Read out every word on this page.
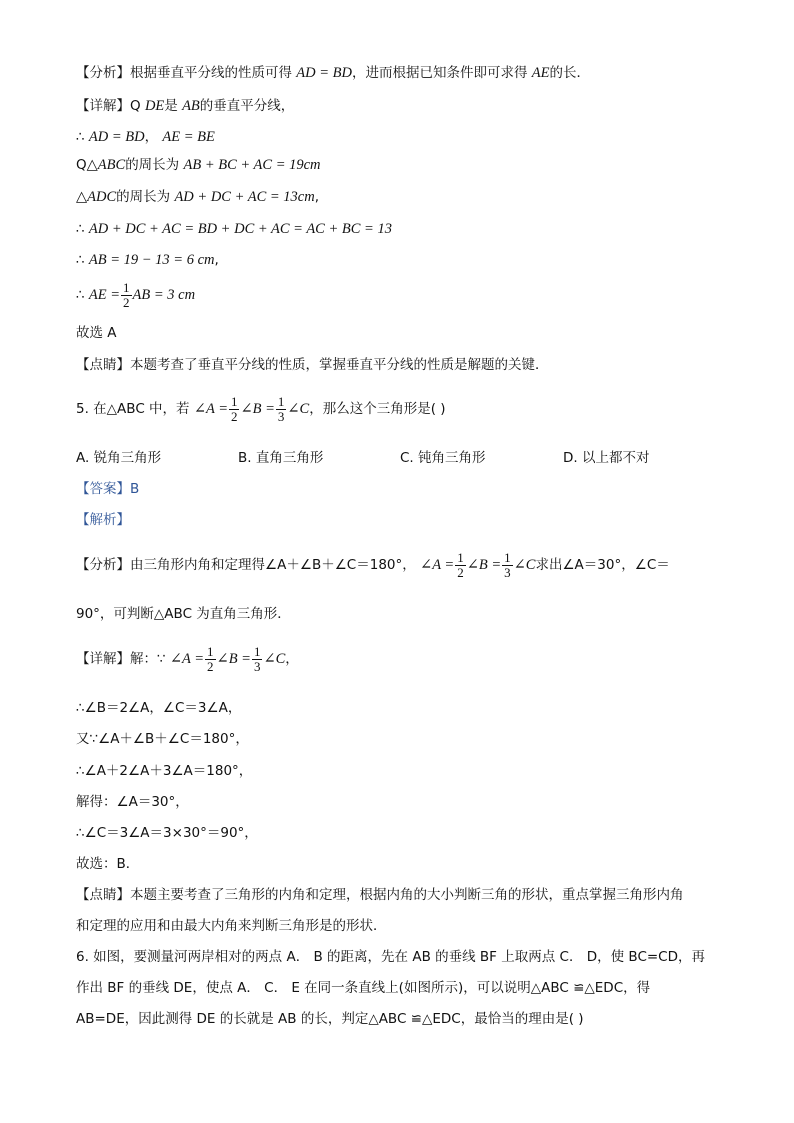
【分析】根据垂直平分线的性质可得 AD = BD，进而根据已知条件即可求得 AE的长．
【详解】Q DE是 AB的垂直平分线，
∴ AD = BD， AE = BE
Q△ABC的周长为 AB + BC + AC = 19cm
△ADC的周长为 AD + DC + AC = 13cm,
∴ AD + DC + AC = BD + DC + AC = AC + BC = 13
∴ AB = 19 − 13 = 6 cm,
∴ AE = $\frac{1}{2}$ AB = 3 cm
故选 A
【点睛】本题考查了垂直平分线的性质，掌握垂直平分线的性质是解题的关键．
5. 在△ABC 中，若 ∠A = $\frac{1}{2}$ ∠B = $\frac{1}{3}$ ∠C，那么这个三角形是( )
A. 锐角三角形	B. 直角三角形	C. 钝角三角形	D. 以上都不对
【答案】B
【解析】
【分析】由三角形内角和定理得∠A＋∠B＋∠C＝180°， ∠A = $\frac{1}{2}$ ∠B = $\frac{1}{3}$ ∠C求出∠A＝30°，∠C＝
90°，可判断△ABC 为直角三角形．
【详解】解：∵ ∠A = $\frac{1}{2}$ ∠B = $\frac{1}{3}$ ∠C，
∴∠B＝2∠A，∠C＝3∠A，
又∵∠A＋∠B＋∠C＝180°，
∴∠A＋2∠A＋3∠A＝180°，
解得：∠A＝30°，
∴∠C＝3∠A＝3×30°＝90°，
故选：B．
【点睛】本题主要考查了三角形的内角和定理，根据内角的大小判断三角的形状，重点掌握三角形内角
和定理的应用和由最大内角来判断三角形是的形状．
6. 如图，要测量河两岸相对的两点 A． B 的距离，先在 AB 的垂线 BF 上取两点 C． D，使 BC=CD，再
作出 BF 的垂线 DE，使点 A． C． E 在同一条直线上(如图所示)，可以说明△ABC ≌△EDC，得
AB=DE，因此测得 DE 的长就是 AB 的长，判定△ABC ≌△EDC，最恰当的理由是( )
